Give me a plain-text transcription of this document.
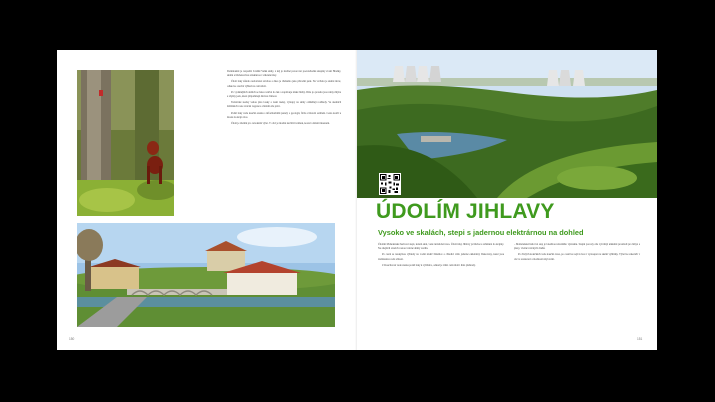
Dominantní je rozpadlé tvrziště Velké skály, z něj je možné pozorovat pozoruhodné skupiny zvaní Hradky, skalní a hřebenovitou strukturou v zákrutu řeky.

Údolí řeky zůstalo nedotčené stavbou a dnes je chráněno jako přírodní park. Na vrcholu je skalní útvar, odkud se otevírá výhled na celé údolí.

Po vydatnějších deštích se řeka rozlévá do luk a zaplavuje nízké břehy. Dále po proudu jsou ruiny mlýna a zbytky jezu, které připomínají dávnou činnost.

Turistické stezky vedou přes louky a lesní úseky, výstupy na skály odměňují rozhledy. Ve skalních štěrbinách roste vzácná vegetace a hnízdí zde ptáci.

Podél řeky vede naučná stezka s informačními panely o geologii, flóře a historii osídlení. Cesta končí u mostu na kraji obce.

Údolí je ideální pro celodenní výlet. V obci je možné navštívit zámek, kostel a místní muzeum.

150
ÚDOLÍM JIHLAVY
Vysoko ve skalách, stepi s jadernou elektrárnou na dohled

Údolím Mohelenské hadcové stepi, kolem skal, vede turistická trasa. Údolí řeky Jihlavy je hluboce zaříznuté do krajiny. Na zdejších svazích rostou vzácné druhy rostlin.

Po cestě se naskytnou výhledy na vodní nádrž Dalešice a chladicí věže jaderné elektrárny Dukovany, které jsou dominantou celé oblasti.

Z Rouchovan vede stezka podél řeky k vyhlídce, odkud je vidět celé údolí i hráz přehrady.

– Mohelenská hadcová step je lokalitou národního významu. Stepní porosty zde vytvářejí unikátní prostředí pro hmyz a plazy, včetně vzácných druhů.

Po Zlatých kolečkách vede naučná trasa, po cestě lze sejít k řece i vystoupat na skalní vyhlídky. Výlet lze zakončit v obci s restaurací a možností ubytování.

151
